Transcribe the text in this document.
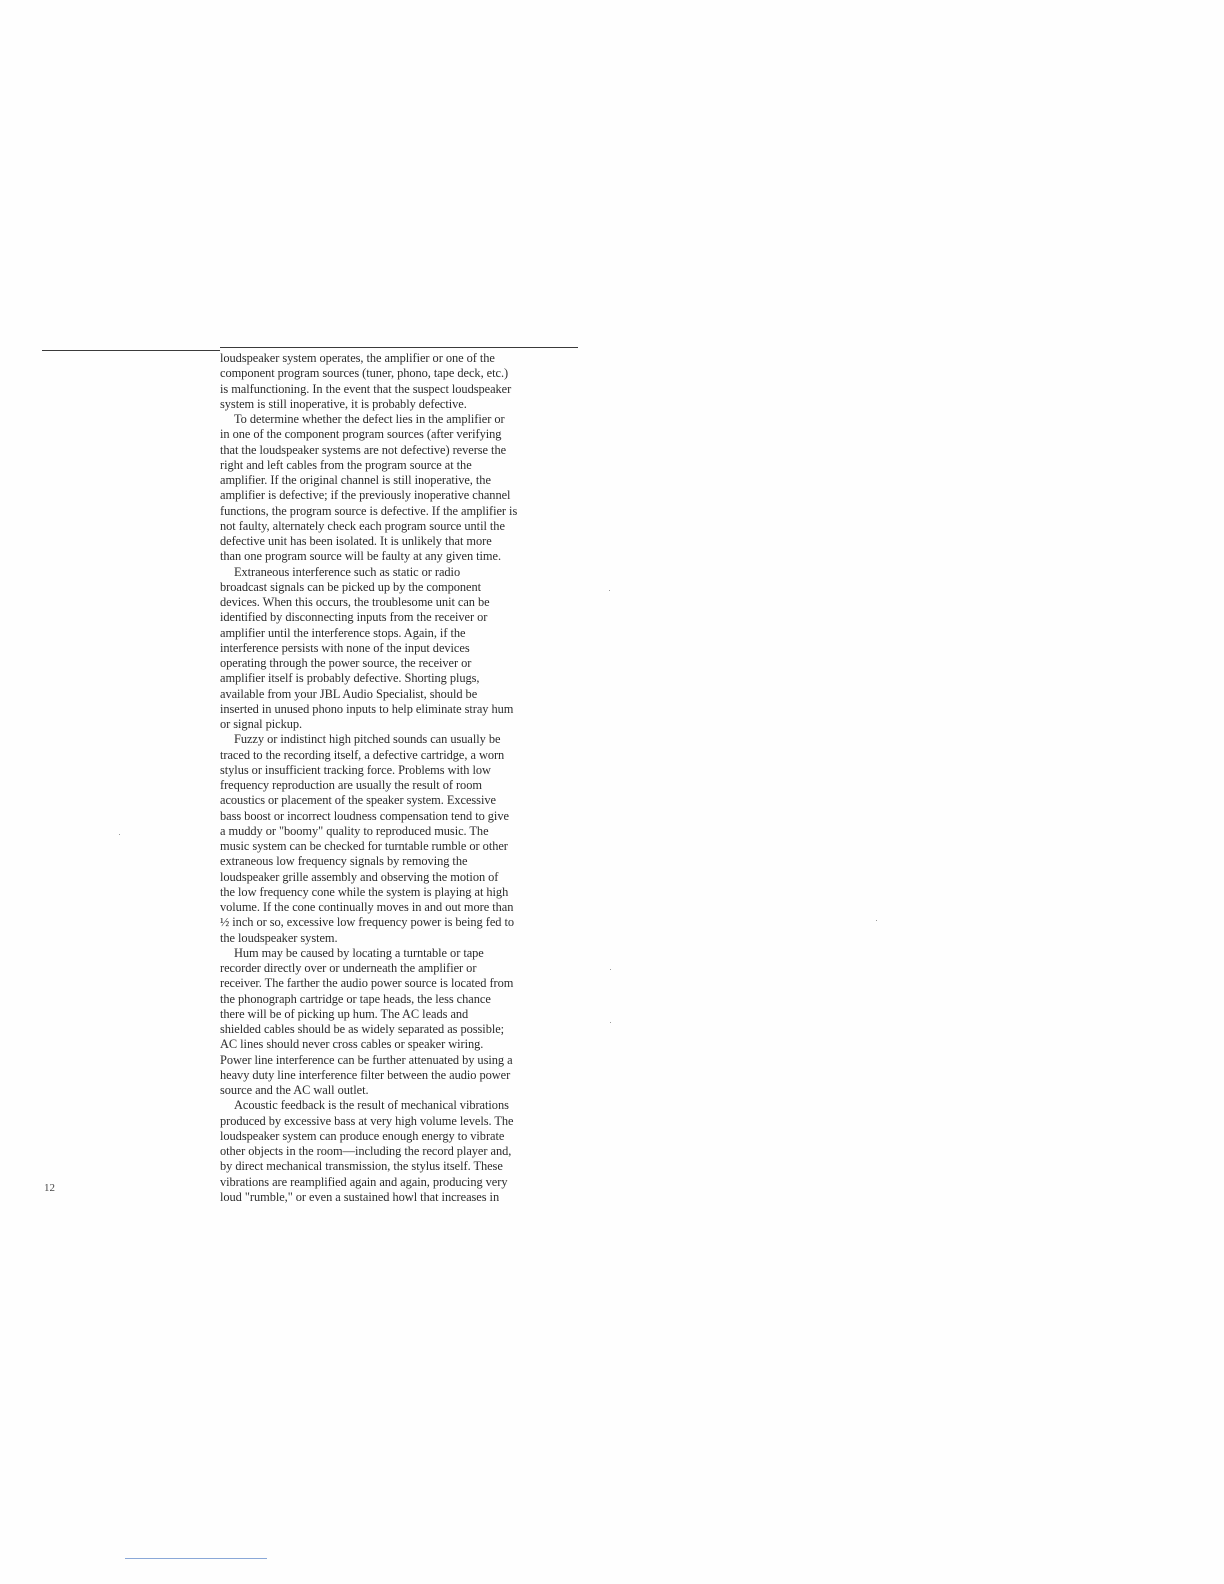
loudspeaker system operates, the amplifier or one of the
component program sources (tuner, phono, tape deck, etc.)
is malfunctioning. In the event that the suspect loudspeaker
system is still inoperative, it is probably defective.
To determine whether the defect lies in the amplifier or
in one of the component program sources (after verifying
that the loudspeaker systems are not defective) reverse the
right and left cables from the program source at the
amplifier. If the original channel is still inoperative, the
amplifier is defective; if the previously inoperative channel
functions, the program source is defective. If the amplifier is
not faulty, alternately check each program source until the
defective unit has been isolated. It is unlikely that more
than one program source will be faulty at any given time.
Extraneous interference such as static or radio
broadcast signals can be picked up by the component
devices. When this occurs, the troublesome unit can be
identified by disconnecting inputs from the receiver or
amplifier until the interference stops. Again, if the
interference persists with none of the input devices
operating through the power source, the receiver or
amplifier itself is probably defective. Shorting plugs,
available from your JBL Audio Specialist, should be
inserted in unused phono inputs to help eliminate stray hum
or signal pickup.
Fuzzy or indistinct high pitched sounds can usually be
traced to the recording itself, a defective cartridge, a worn
stylus or insufficient tracking force. Problems with low
frequency reproduction are usually the result of room
acoustics or placement of the speaker system. Excessive
bass boost or incorrect loudness compensation tend to give
a muddy or "boomy" quality to reproduced music. The
music system can be checked for turntable rumble or other
extraneous low frequency signals by removing the
loudspeaker grille assembly and observing the motion of
the low frequency cone while the system is playing at high
volume. If the cone continually moves in and out more than
½ inch or so, excessive low frequency power is being fed to
the loudspeaker system.
Hum may be caused by locating a turntable or tape
recorder directly over or underneath the amplifier or
receiver. The farther the audio power source is located from
the phonograph cartridge or tape heads, the less chance
there will be of picking up hum. The AC leads and
shielded cables should be as widely separated as possible;
AC lines should never cross cables or speaker wiring.
Power line interference can be further attenuated by using a
heavy duty line interference filter between the audio power
source and the AC wall outlet.
Acoustic feedback is the result of mechanical vibrations
produced by excessive bass at very high volume levels. The
loudspeaker system can produce enough energy to vibrate
other objects in the room—including the record player and,
by direct mechanical transmission, the stylus itself. These
vibrations are reamplified again and again, producing very
loud "rumble," or even a sustained howl that increases in
12
